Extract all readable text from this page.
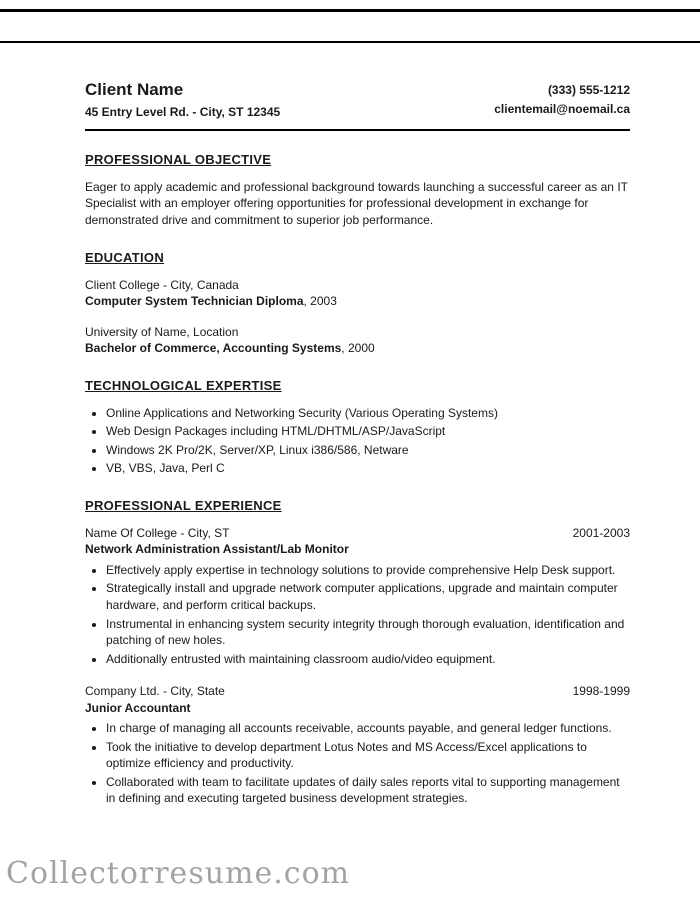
Client Name
45 Entry Level Rd. - City, ST 12345
(333) 555-1212
clientemail@noemail.ca
PROFESSIONAL OBJECTIVE

Eager to apply academic and professional background towards launching a successful career as an IT Specialist with an employer offering opportunities for professional development in exchange for demonstrated drive and commitment to superior job performance.

EDUCATION
Client College - City, Canada
Computer System Technician Diploma, 2003
University of Name, Location
Bachelor of Commerce, Accounting Systems, 2000
TECHNOLOGICAL EXPERTISE
• Online Applications and Networking Security (Various Operating Systems)
• Web Design Packages including HTML/DHTML/ASP/JavaScript
• Windows 2K Pro/2K, Server/XP, Linux i386/586, Netware
• VB, VBS, Java, Perl C
PROFESSIONAL EXPERIENCE
Name Of College - City, ST	2001-2003
Network Administration Assistant/Lab Monitor
• Effectively apply expertise in technology solutions to provide comprehensive Help Desk support.
• Strategically install and upgrade network computer applications, upgrade and maintain computer hardware, and perform critical backups.
• Instrumental in enhancing system security integrity through thorough evaluation, identification and patching of new holes.
• Additionally entrusted with maintaining classroom audio/video equipment.
Company Ltd. - City, State	1998-1999
Junior Accountant
• In charge of managing all accounts receivable, accounts payable, and general ledger functions.
• Took the initiative to develop department Lotus Notes and MS Access/Excel applications to optimize efficiency and productivity.
• Collaborated with team to facilitate updates of daily sales reports vital to supporting management in defining and executing targeted business development strategies.
Collectorresume.com
